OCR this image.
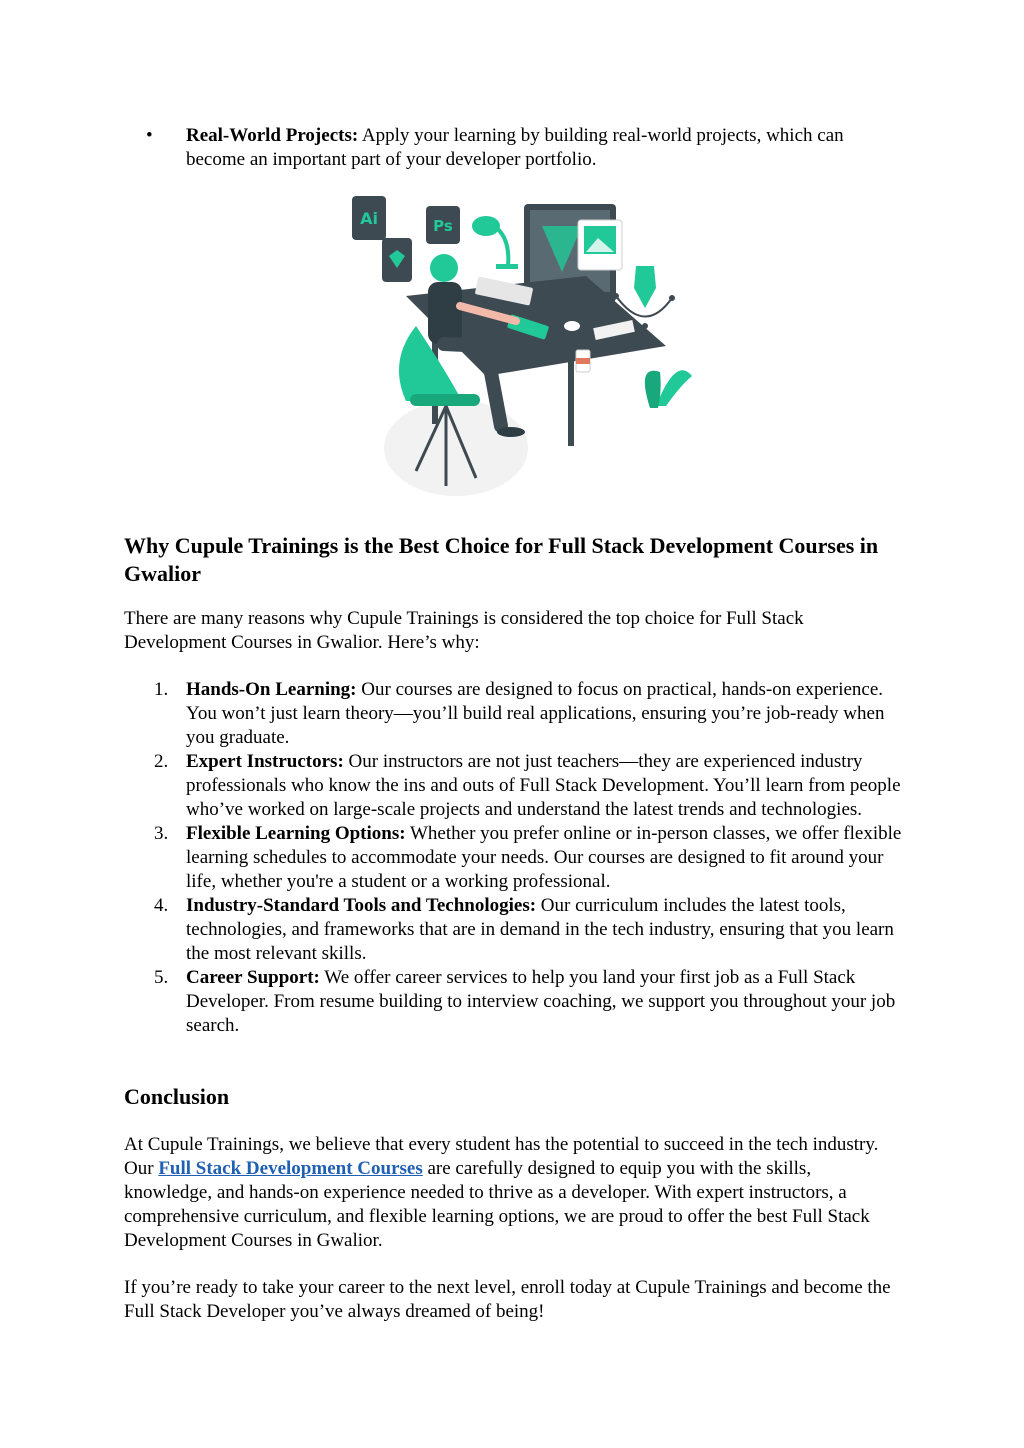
• Real-World Projects: Apply your learning by building real-world projects, which can become an important part of your developer portfolio.
Ai	Ps
Why Cupule Trainings is the Best Choice for Full Stack Development Courses in Gwalior

There are many reasons why Cupule Trainings is considered the top choice for Full Stack Development Courses in Gwalior. Here’s why:

1. Hands-On Learning: Our courses are designed to focus on practical, hands-on experience. You won’t just learn theory—you’ll build real applications, ensuring you’re job-ready when you graduate.
2. Expert Instructors: Our instructors are not just teachers—they are experienced industry professionals who know the ins and outs of Full Stack Development. You’ll learn from people who’ve worked on large-scale projects and understand the latest trends and technologies.
3. Flexible Learning Options: Whether you prefer online or in-person classes, we offer flexible learning schedules to accommodate your needs. Our courses are designed to fit around your life, whether you're a student or a working professional.
4. Industry-Standard Tools and Technologies: Our curriculum includes the latest tools, technologies, and frameworks that are in demand in the tech industry, ensuring that you learn the most relevant skills.
5. Career Support: We offer career services to help you land your first job as a Full Stack Developer. From resume building to interview coaching, we support you throughout your job search.
Conclusion

At Cupule Trainings, we believe that every student has the potential to succeed in the tech industry. Our Full Stack Development Courses are carefully designed to equip you with the skills, knowledge, and hands-on experience needed to thrive as a developer. With expert instructors, a comprehensive curriculum, and flexible learning options, we are proud to offer the best Full Stack Development Courses in Gwalior.

If you’re ready to take your career to the next level, enroll today at Cupule Trainings and become the Full Stack Developer you’ve always dreamed of being!
